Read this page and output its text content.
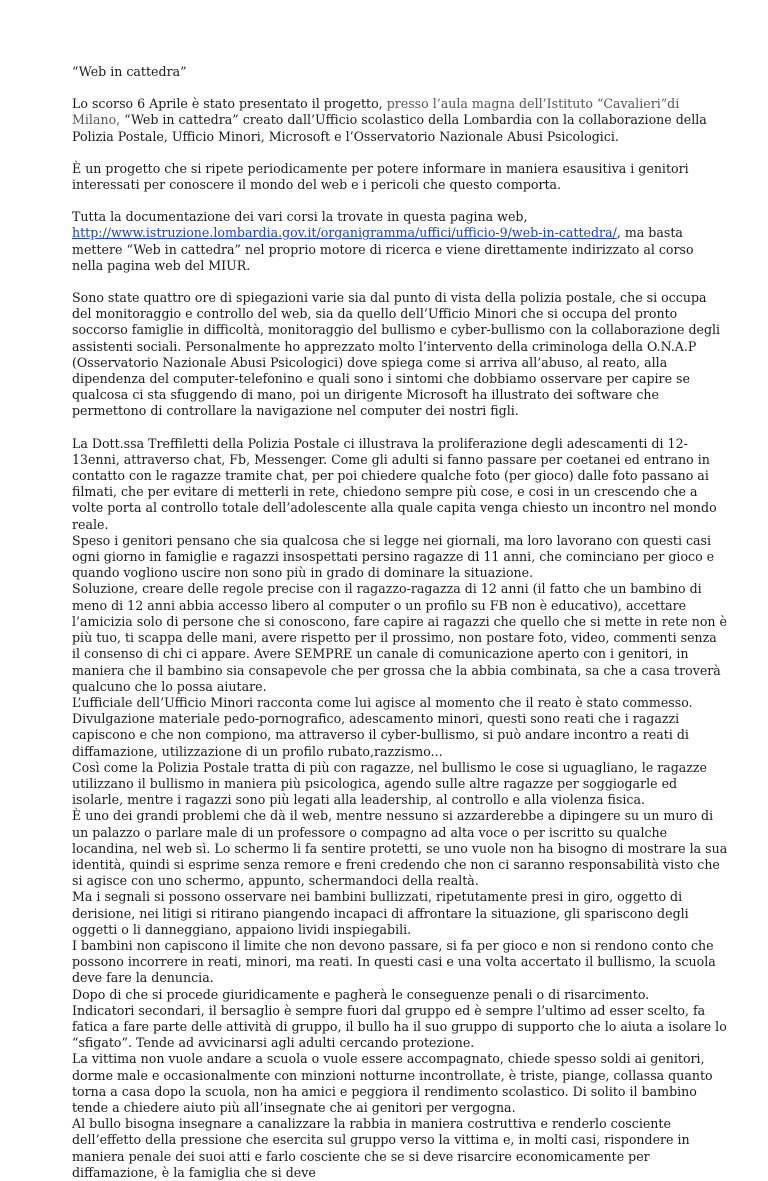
“Web in cattedra”

Lo scorso 6 Aprile è stato presentato il progetto, presso l’aula magna dell’Istituto “Cavalieri”di Milano, “Web in cattedra” creato dall’Ufficio scolastico della Lombardia con la collaborazione della Polizia Postale, Ufficio Minori, Microsoft e l’Osservatorio Nazionale Abusi Psicologici.

È un progetto che si ripete periodicamente per potere informare in maniera esausitiva i genitori interessati per conoscere il mondo del web e i pericoli che questo comporta.

Tutta la documentazione dei vari corsi la trovate in questa pagina web, http://www.istruzione.lombardia.gov.it/organigramma/uffici/ufficio-9/web-in-cattedra/, ma basta mettere “Web in cattedra” nel proprio motore di ricerca e viene direttamente indirizzato al corso nella pagina web del MIUR.

Sono state quattro ore di spiegazioni varie sia dal punto di vista della polizia postale, che si occupa del monitoraggio e controllo del web, sia da quello dell’Ufficio Minori che si occupa del pronto soccorso famiglie in difficoltà, monitoraggio del bullismo e cyber-bullismo con la collaborazione degli assistenti sociali. Personalmente ho apprezzato molto l’intervento della criminologa della O.N.A.P (Osservatorio Nazionale Abusi Psicologici) dove spiega come si arriva all’abuso, al reato, alla dipendenza del computer-telefonino e quali sono i sintomi che dobbiamo osservare per capire se qualcosa ci sta sfuggendo di mano, poi un dirigente Microsoft ha illustrato dei software che permettono di controllare la navigazione nel computer dei nostri figli.

La Dott.ssa Treffiletti della Polizia Postale ci illustrava la proliferazione degli adescamenti di 12-13enni, attraverso chat, Fb, Messenger. Come gli adulti si fanno passare per coetanei ed entrano in contatto con le ragazze tramite chat, per poi chiedere qualche foto (per gioco) dalle foto passano ai filmati, che per evitare di metterli in rete, chiedono sempre più cose, e cosi in un crescendo che a volte porta al controllo totale dell’adolescente alla quale capita venga chiesto un incontro nel mondo reale.

Speso i genitori pensano che sia qualcosa che si legge nei giornali, ma loro lavorano con questi casi ogni giorno in famiglie e ragazzi insospettati persino ragazze di 11 anni, che cominciano per gioco e quando vogliono uscire non sono più in grado di dominare la situazione.

Soluzione, creare delle regole precise con il ragazzo-ragazza di 12 anni (il fatto che un bambino di meno di 12 anni abbia accesso libero al computer o un profilo su FB non è educativo), accettare l’amicizia solo di persone che si conoscono, fare capire ai ragazzi che quello che si mette in rete non è più tuo, ti scappa delle mani, avere rispetto per il prossimo, non postare foto, video, commenti senza il consenso di chi ci appare. Avere SEMPRE un canale di comunicazione aperto con i genitori, in maniera che il bambino sia consapevole che per grossa che la abbia combinata, sa che a casa troverà qualcuno che lo possa aiutare.

L’ufficiale dell’Ufficio Minori racconta come lui agisce al momento che il reato è stato commesso. Divulgazione materiale pedo-pornografico, adescamento minori, questi sono reati che i ragazzi capiscono e che non compiono, ma attraverso il cyber-bullismo, si può andare incontro a reati di diffamazione, utilizzazione di un profilo rubato,razzismo...

Così come la Polizia Postale tratta di più con ragazze, nel bullismo le cose si uguagliano, le ragazze utilizzano il bullismo in maniera più psicologica, agendo sulle altre ragazze per soggiogarle ed isolarle, mentre i ragazzi sono più legati alla leadership, al controllo e alla violenza fisica.

È uno dei grandi problemi che dà il web, mentre nessuno si azzarderebbe a dipingere su un muro di un palazzo o parlare male di un professore o compagno ad alta voce o per iscritto su qualche locandina, nel web sì. Lo schermo li fa sentire protetti, se uno vuole non ha bisogno di mostrare la sua identità, quindi si esprime senza remore e freni credendo che non ci saranno responsabilità visto che si agisce con uno schermo, appunto, schermandoci della realtà.

Ma i segnali si possono osservare nei bambini bullizzati, ripetutamente presi in giro, oggetto di derisione, nei litigi si ritirano piangendo incapaci di affrontare la situazione, gli spariscono degli oggetti o li danneggiano, appaiono lividi inspiegabili.

I bambini non capiscono il limite che non devono passare, si fa per gioco e non si rendono conto che possono incorrere in reati, minori, ma reati. In questi casi e una volta accertato il bullismo, la scuola deve fare la denuncia.

Dopo di che si procede giuridicamente e pagherà le conseguenze penali o di risarcimento.

Indicatori secondari, il bersaglio è sempre fuori dal gruppo ed è sempre l’ultimo ad esser scelto, fa fatica a fare parte delle attività di gruppo, il bullo ha il suo gruppo di supporto che lo aiuta a isolare lo “sfigato”. Tende ad avvicinarsi agli adulti cercando protezione.

La vittima non vuole andare a scuola o vuole essere accompagnato, chiede spesso soldi ai genitori, dorme male e occasionalmente con minzioni notturne incontrollate, è triste, piange, collassa quanto torna a casa dopo la scuola, non ha amici e peggiora il rendimento scolastico. Di solito il bambino tende a chiedere aiuto più all’insegnate che ai genitori per vergogna.

Al bullo bisogna insegnare a canalizzare la rabbia in maniera costruttiva e renderlo cosciente dell’effetto della pressione che esercita sul gruppo verso la vittima e, in molti casi, rispondere in maniera penale dei suoi atti e farlo cosciente che se si deve risarcire economicamente per diffamazione, è la famiglia che si deve
